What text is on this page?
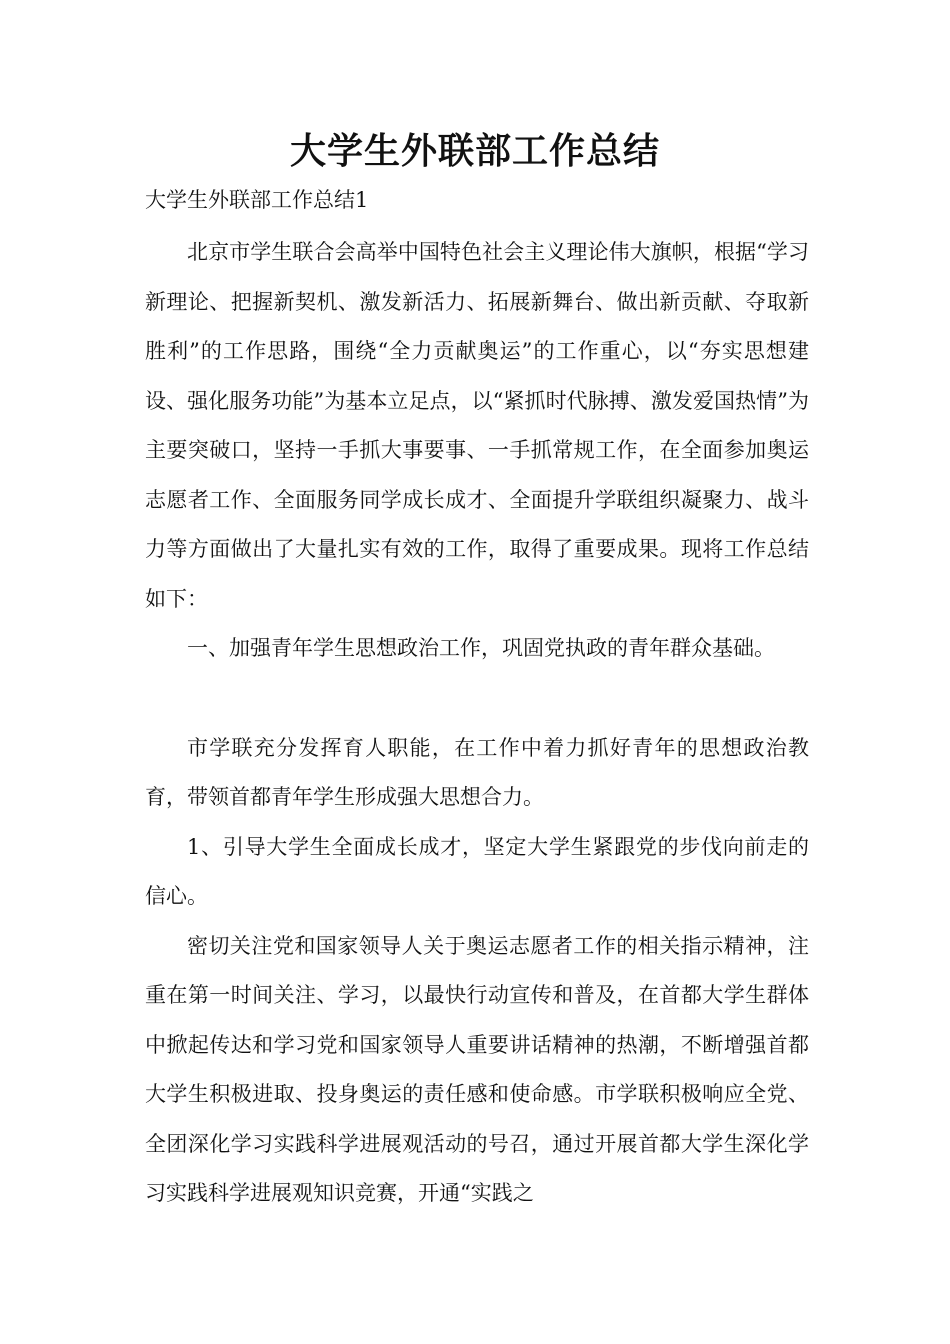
大学生外联部工作总结

大学生外联部工作总结1

北京市学生联合会高举中国特色社会主义理论伟大旗帜，根据“学习新理论、把握新契机、激发新活力、拓展新舞台、做出新贡献、夺取新胜利”的工作思路，围绕“全力贡献奥运”的工作重心，以“夯实思想建设、强化服务功能”为基本立足点，以“紧抓时代脉搏、激发爱国热情”为主要突破口，坚持一手抓大事要事、一手抓常规工作，在全面参加奥运志愿者工作、全面服务同学成长成才、全面提升学联组织凝聚力、战斗力等方面做出了大量扎实有效的工作，取得了重要成果。现将工作总结如下：

一、加强青年学生思想政治工作，巩固党执政的青年群众基础。

市学联充分发挥育人职能，在工作中着力抓好青年的思想政治教育，带领首都青年学生形成强大思想合力。

1、引导大学生全面成长成才，坚定大学生紧跟党的步伐向前走的信心。

密切关注党和国家领导人关于奥运志愿者工作的相关指示精神，注重在第一时间关注、学习，以最快行动宣传和普及，在首都大学生群体中掀起传达和学习党和国家领导人重要讲话精神的热潮，不断增强首都大学生积极进取、投身奥运的责任感和使命感。市学联积极响应全党、全团深化学习实践科学进展观活动的号召，通过开展首都大学生深化学习实践科学进展观知识竞赛，开通“实践之
